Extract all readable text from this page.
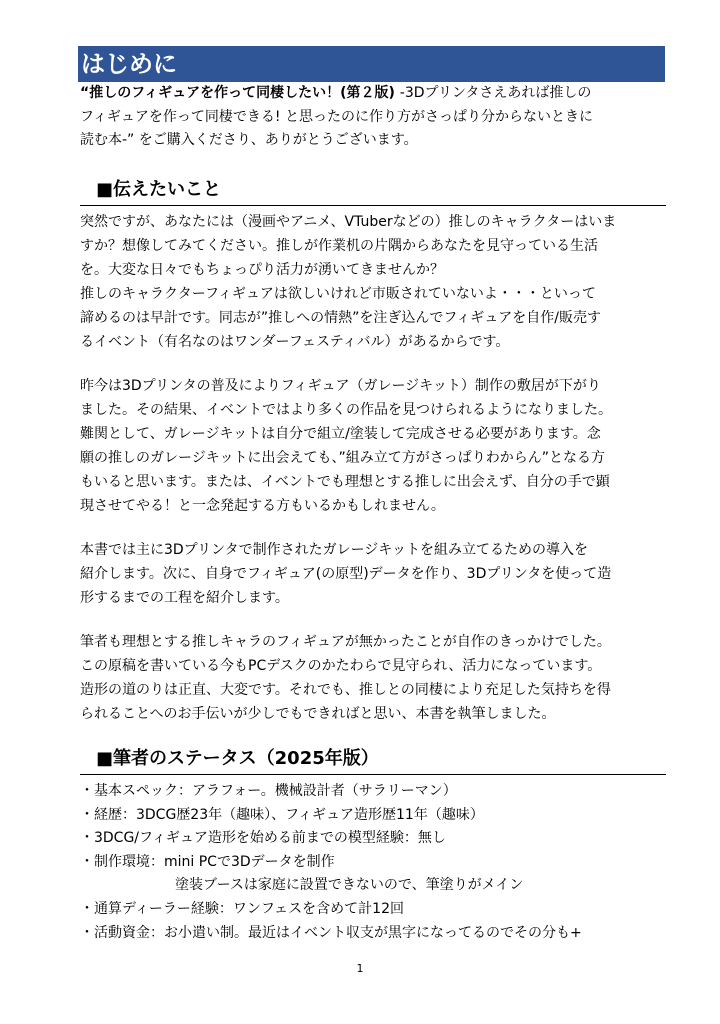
はじめに
“推しのフィギュアを作って同棲したい！(第２版) -3Dプリンタさえあれば推しの
フィギュアを作って同棲できる! と思ったのに作り方がさっぱり分からないときに
読む本-” をご購入くださり、ありがとうございます。
■伝えたいこと
突然ですが、あなたには（漫画やアニメ、VTuberなどの）推しのキャラクターはいま
すか？想像してみてください。推しが作業机の片隅からあなたを見守っている生活
を。大変な日々でもちょっぴり活力が湧いてきませんか？
推しのキャラクターフィギュアは欲しいけれど市販されていないよ・・・といって
諦めるのは早計です。同志が”推しへの情熱”を注ぎ込んでフィギュアを自作/販売す
るイベント（有名なのはワンダーフェスティバル）があるからです。
昨今は3Dプリンタの普及によりフィギュア（ガレージキット）制作の敷居が下がり
ました。その結果、イベントではより多くの作品を見つけられるようになりました。
難関として、ガレージキットは自分で組立/塗装して完成させる必要があります。念
願の推しのガレージキットに出会えても、”組み立て方がさっぱりわからん”となる方
もいると思います。または、イベントでも理想とする推しに出会えず、自分の手で顕
現させてやる！と一念発起する方もいるかもしれません。
本書では主に3Dプリンタで制作されたガレージキットを組み立てるための導入を
紹介します。次に、自身でフィギュア(の原型)データを作り、3Dプリンタを使って造
形するまでの工程を紹介します。
筆者も理想とする推しキャラのフィギュアが無かったことが自作のきっかけでした。
この原稿を書いている今もPCデスクのかたわらで見守られ、活力になっています。
造形の道のりは正直、大変です。それでも、推しとの同棲により充足した気持ちを得
られることへのお手伝いが少しでもできればと思い、本書を執筆しました。
■筆者のステータス（2025年版）
・基本スペック：アラフォー。機械設計者（サラリーマン）
・経歴：3DCG歴23年（趣味）、フィギュア造形歴11年（趣味）
・3DCG/フィギュア造形を始める前までの模型経験：無し
・制作環境：mini PCで3Dデータを制作
塗装ブースは家庭に設置できないので、筆塗りがメイン
・通算ディーラー経験：ワンフェスを含めて計12回
・活動資金：お小遣い制。最近はイベント収支が黒字になってるのでその分も+
1
